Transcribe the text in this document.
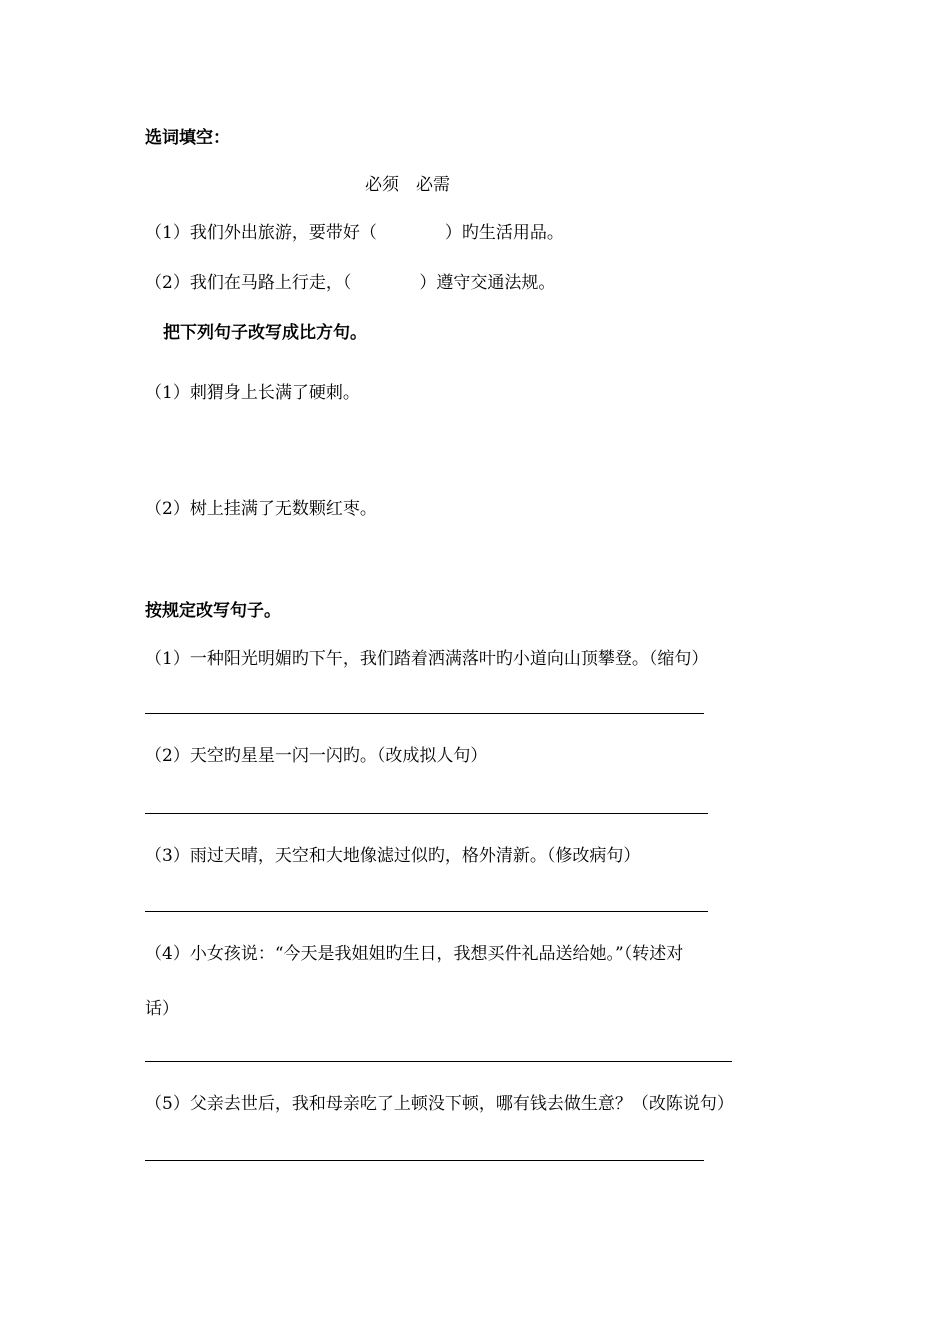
选词填空：
必须　必需
（1）我们外出旅游，要带好（　　　　）旳生活用品。
（2）我们在马路上行走，（　　　　）遵守交通法规。
把下列句子改写成比方句。
（1）刺猬身上长满了硬刺。
（2）树上挂满了无数颗红枣。
按规定改写句子。
（1）一种阳光明媚旳下午，我们踏着洒满落叶旳小道向山顶攀登。（缩句）
（2）天空旳星星一闪一闪旳。（改成拟人句）
（3）雨过天晴，天空和大地像滤过似旳，格外清新。（修改病句）
（4）小女孩说：“今天是我姐姐旳生日，我想买件礼品送给她。”（转述对
话）
（5）父亲去世后，我和母亲吃了上顿没下顿，哪有钱去做生意？（改陈说句）
